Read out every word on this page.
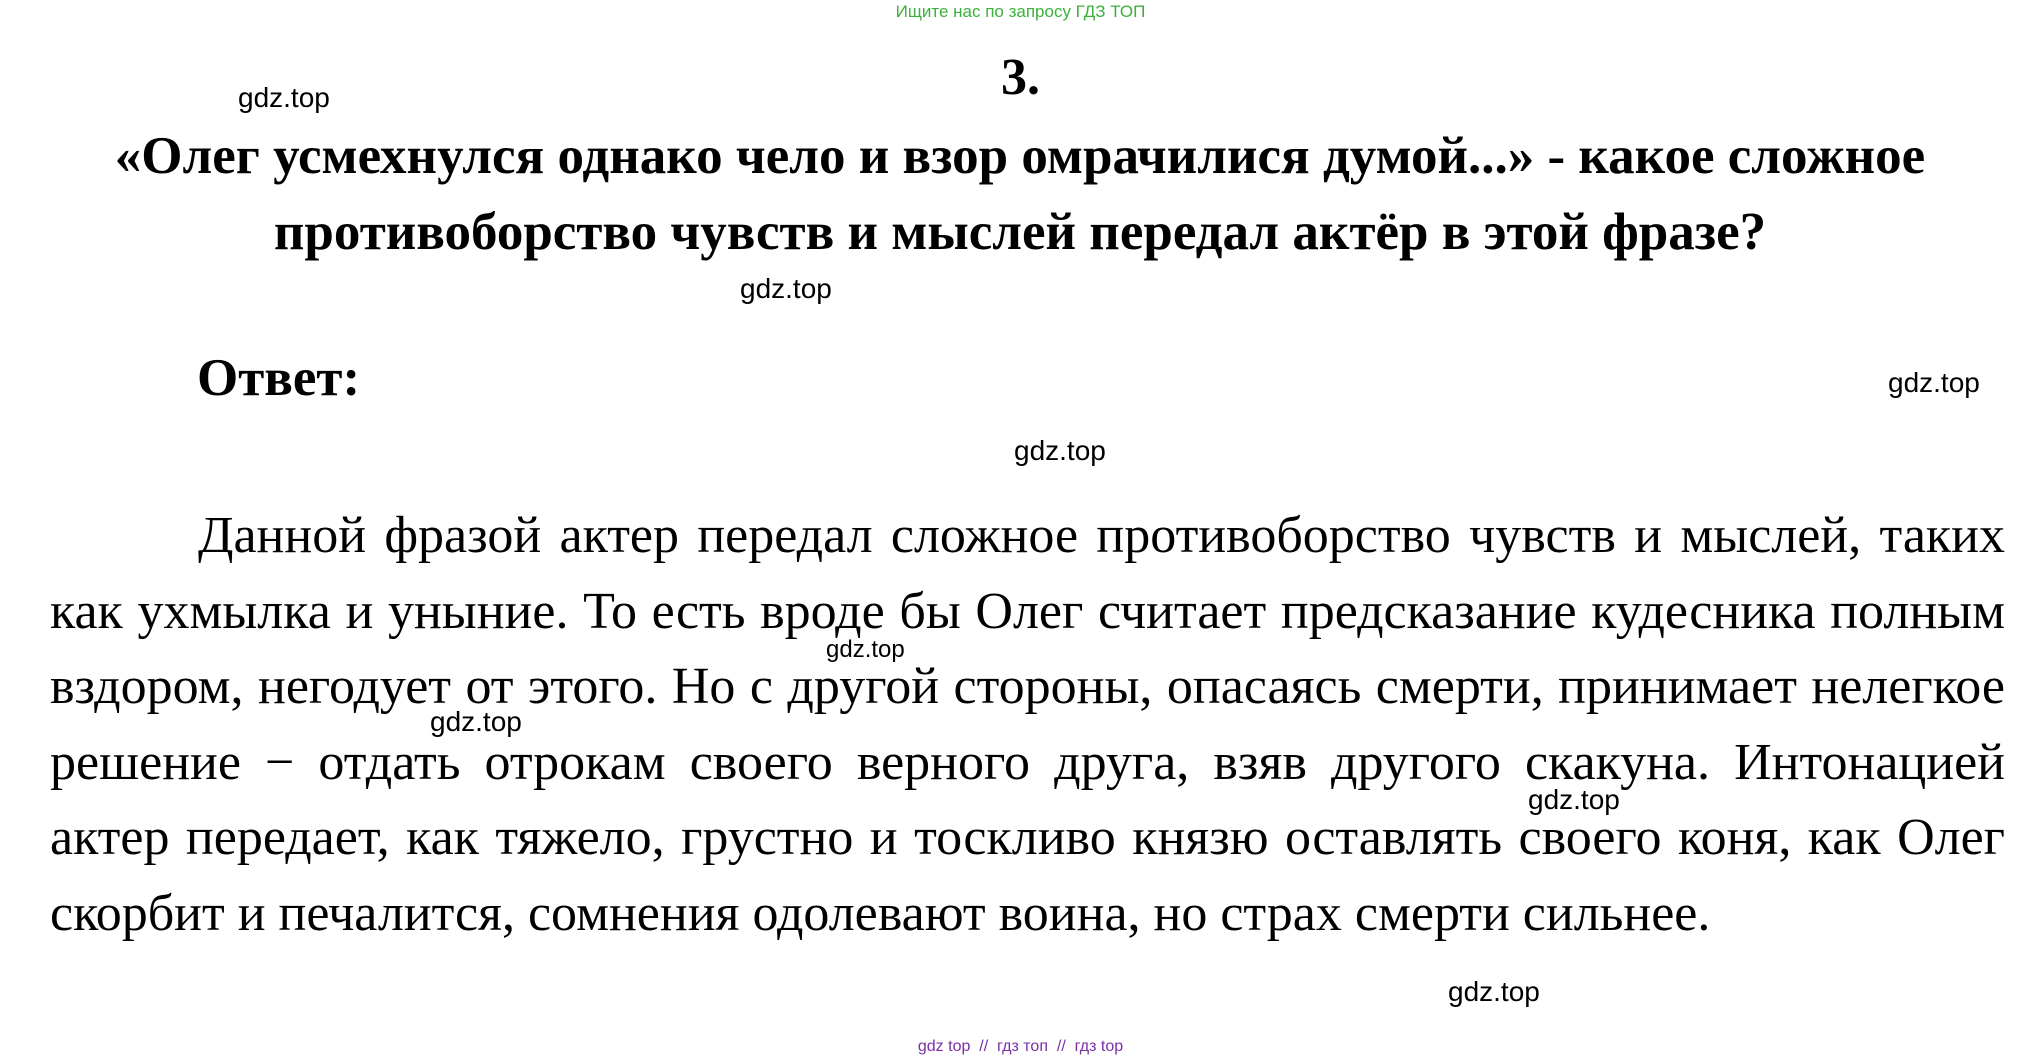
Ищите нас по запросу ГДЗ ТОП
3.
«Олег усмехнулся однако чело и взор омрачилися думой...» - какое сложное противоборство чувств и мыслей передал актёр в этой фразе?
Ответ:
Данной фразой актер передал сложное противоборство чувств и мыслей, таких как ухмылка и уныние. То есть вроде бы Олег считает предсказание кудесника полным вздором, негодует от этого. Но с другой стороны, опасаясь смерти, принимает нелегкое решение − отдать отрокам своего верного друга, взяв другого скакуна. Интонацией актер передает, как тяжело, грустно и тоскливо князю оставлять своего коня, как Олег скорбит и печалится, сомнения одолевают воина, но страх смерти сильнее.
gdz.top
gdz.top
gdz.top
gdz.top
gdz.top
gdz.top
gdz.top
gdz.top
gdz top  //  гдз топ  //  гдз top
